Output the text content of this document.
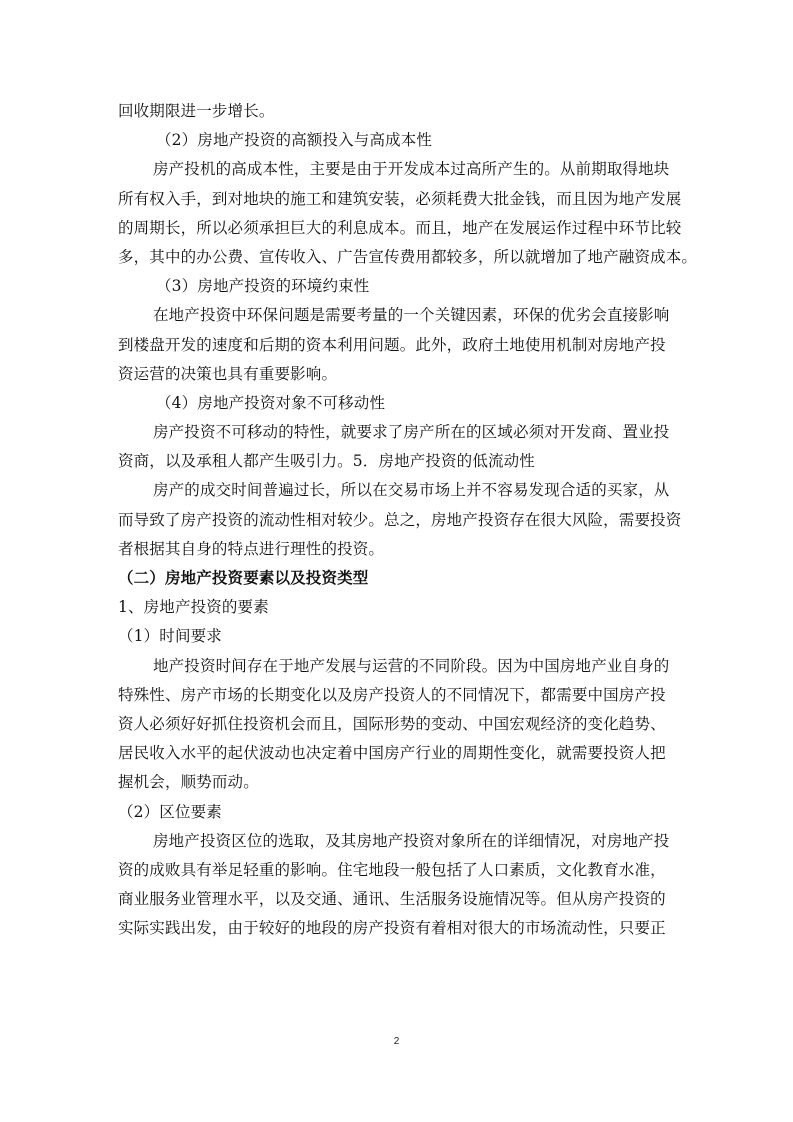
回收期限进一步增长。
（2）房地产投资的高额投入与高成本性
房产投机的高成本性，主要是由于开发成本过高所产生的。从前期取得地块
所有权入手，到对地块的施工和建筑安装，必须耗费大批金钱，而且因为地产发展
的周期长，所以必须承担巨大的利息成本。而且，地产在发展运作过程中环节比较
多，其中的办公费、宣传收入、广告宣传费用都较多，所以就增加了地产融资成本。
（3）房地产投资的环境约束性
在地产投资中环保问题是需要考量的一个关键因素，环保的优劣会直接影响
到楼盘开发的速度和后期的资本利用问题。此外，政府土地使用机制对房地产投
资运营的决策也具有重要影响。
（4）房地产投资对象不可移动性
房产投资不可移动的特性，就要求了房产所在的区域必须对开发商、置业投
资商，以及承租人都产生吸引力。5．房地产投资的低流动性
房产的成交时间普遍过长，所以在交易市场上并不容易发现合适的买家，从
而导致了房产投资的流动性相对较少。总之，房地产投资存在很大风险，需要投资
者根据其自身的特点进行理性的投资。
（二）房地产投资要素以及投资类型
1、房地产投资的要素
（1）时间要求
地产投资时间存在于地产发展与运营的不同阶段。因为中国房地产业自身的
特殊性、房产市场的长期变化以及房产投资人的不同情况下，都需要中国房产投
资人必须好好抓住投资机会而且，国际形势的变动、中国宏观经济的变化趋势、
居民收入水平的起伏波动也决定着中国房产行业的周期性变化，就需要投资人把
握机会，顺势而动。
（2）区位要素
房地产投资区位的选取，及其房地产投资对象所在的详细情况，对房地产投
资的成败具有举足轻重的影响。住宅地段一般包括了人口素质，文化教育水准，
商业服务业管理水平，以及交通、通讯、生活服务设施情况等。但从房产投资的
实际实践出发，由于较好的地段的房产投资有着相对很大的市场流动性，只要正
2
